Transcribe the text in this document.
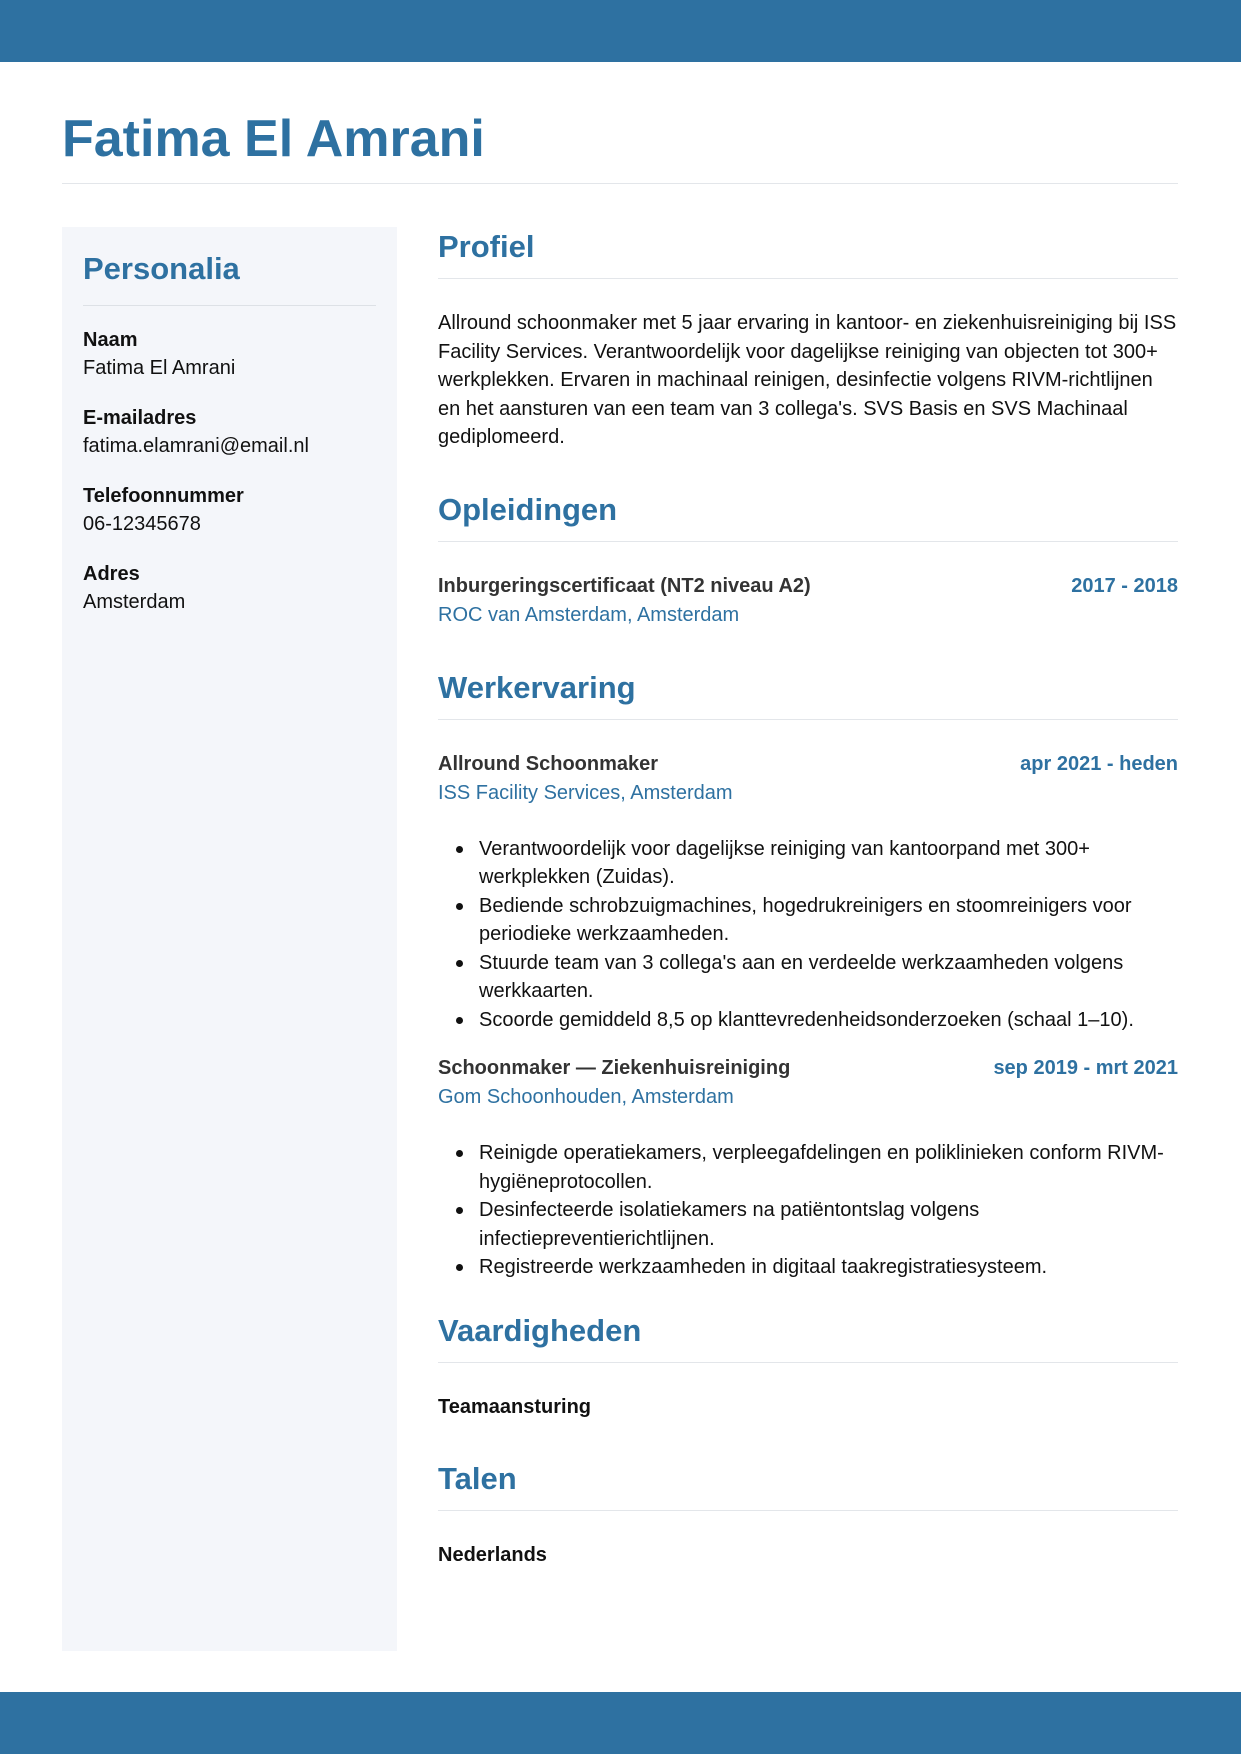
Fatima El Amrani
Personalia
Naam
Fatima El Amrani
E-mailadres
fatima.elamrani@email.nl
Telefoonnummer
06-12345678
Adres
Amsterdam
Profiel

Allround schoonmaker met 5 jaar ervaring in kantoor- en ziekenhuisreiniging bij ISS Facility Services. Verantwoordelijk voor dagelijkse reiniging van objecten tot 300+ werkplekken. Ervaren in machinaal reinigen, desinfectie volgens RIVM-richtlijnen en het aansturen van een team van 3 collega's. SVS Basis en SVS Machinaal gediplomeerd.

Opleidingen
Inburgeringscertificaat (NT2 niveau A2)	2017 - 2018
ROC van Amsterdam, Amsterdam
Werkervaring
Allround Schoonmaker	apr 2021 - heden
ISS Facility Services, Amsterdam
Verantwoordelijk voor dagelijkse reiniging van kantoorpand met 300+ werkplekken (Zuidas).
Bediende schrobzuigmachines, hogedrukreinigers en stoomreinigers voor periodieke werkzaamheden.
Stuurde team van 3 collega's aan en verdeelde werkzaamheden volgens werkkaarten.
Scoorde gemiddeld 8,5 op klanttevredenheidsonderzoeken (schaal 1–10).
Schoonmaker — Ziekenhuisreiniging	sep 2019 - mrt 2021
Gom Schoonhouden, Amsterdam
Reinigde operatiekamers, verpleegafdelingen en poliklinieken conform RIVM-hygiëneprotocollen.
Desinfecteerde isolatiekamers na patiëntontslag volgens infectiepreventierichtlijnen.
Registreerde werkzaamheden in digitaal taakregistratiesysteem.
Vaardigheden
Teamaansturing
Talen
Nederlands
